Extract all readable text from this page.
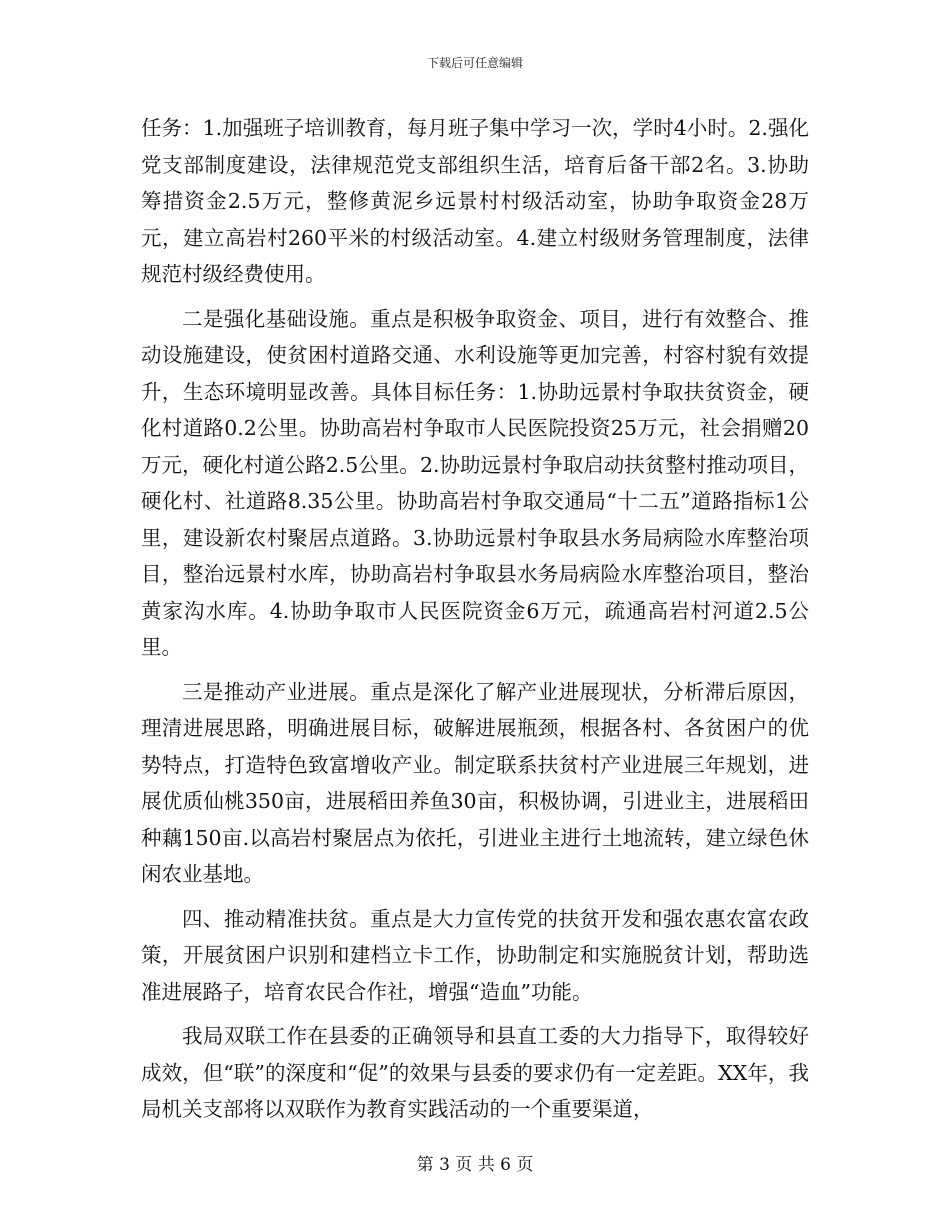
下载后可任意编辑

任务：1.加强班子培训教育，每月班子集中学习一次，学时4小时。2.强化党支部制度建设，法律规范党支部组织生活，培育后备干部2名。3.协助筹措资金2.5万元，整修黄泥乡远景村村级活动室，协助争取资金28万元，建立高岩村260平米的村级活动室。4.建立村级财务管理制度，法律规范村级经费使用。

二是强化基础设施。重点是积极争取资金、项目，进行有效整合、推动设施建设，使贫困村道路交通、水利设施等更加完善，村容村貌有效提升，生态环境明显改善。具体目标任务：1.协助远景村争取扶贫资金，硬化村道路0.2公里。协助高岩村争取市人民医院投资25万元，社会捐赠20万元，硬化村道公路2.5公里。2.协助远景村争取启动扶贫整村推动项目，硬化村、社道路8.35公里。协助高岩村争取交通局“十二五”道路指标1公里，建设新农村聚居点道路。3.协助远景村争取县水务局病险水库整治项目，整治远景村水库，协助高岩村争取县水务局病险水库整治项目，整治黄家沟水库。4.协助争取市人民医院资金6万元，疏通高岩村河道2.5公里。

三是推动产业进展。重点是深化了解产业进展现状，分析滞后原因，理清进展思路，明确进展目标，破解进展瓶颈，根据各村、各贫困户的优势特点，打造特色致富增收产业。制定联系扶贫村产业进展三年规划，进展优质仙桃350亩，进展稻田养鱼30亩，积极协调，引进业主，进展稻田种藕150亩.以高岩村聚居点为依托，引进业主进行土地流转，建立绿色休闲农业基地。

四、推动精准扶贫。重点是大力宣传党的扶贫开发和强农惠农富农政策，开展贫困户识别和建档立卡工作，协助制定和实施脱贫计划，帮助选准进展路子，培育农民合作社，增强“造血”功能。

我局双联工作在县委的正确领导和县直工委的大力指导下，取得较好成效，但“联”的深度和“促”的效果与县委的要求仍有一定差距。XX年，我局机关支部将以双联作为教育实践活动的一个重要渠道，

第 3 页 共 6 页
